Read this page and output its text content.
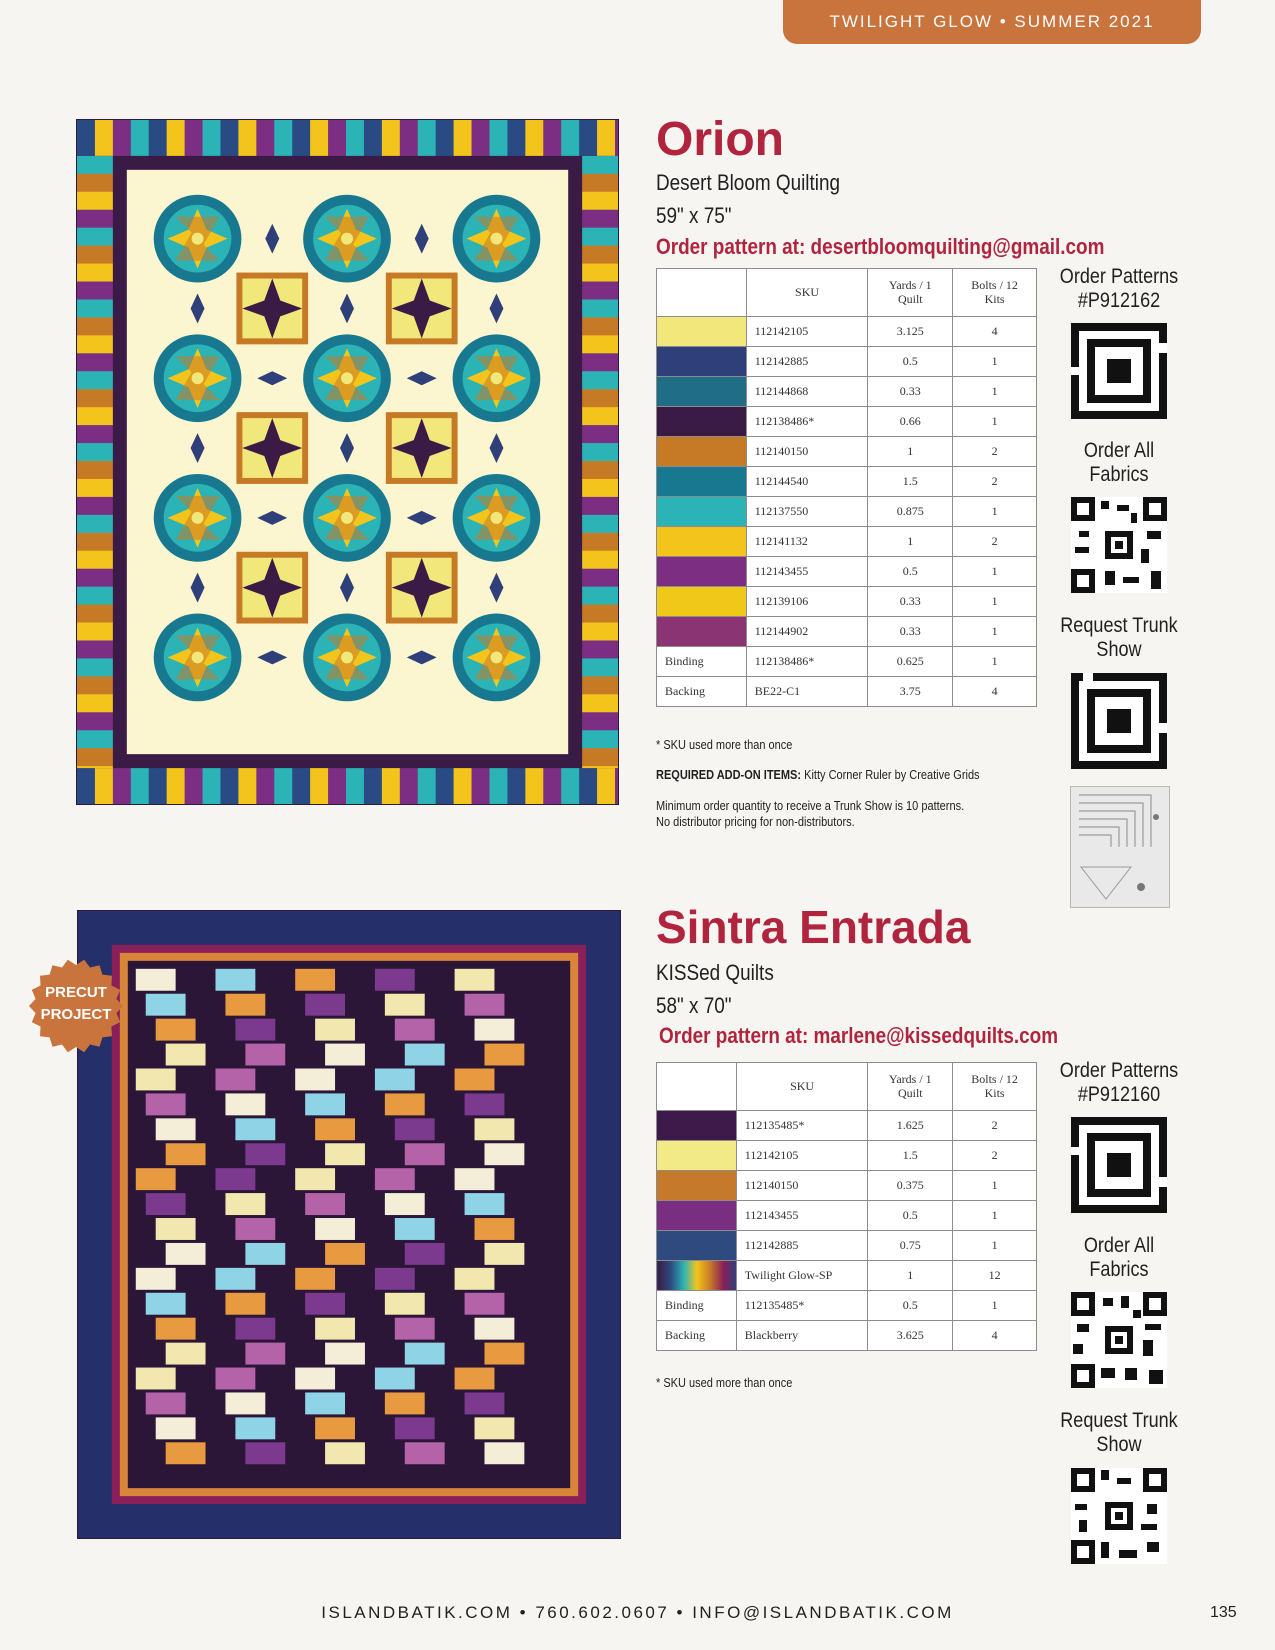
TWILIGHT GLOW • SUMMER 2021
Orion
Desert Bloom Quilting
59" x 75"
Order pattern at: desertbloomquilting@gmail.com
	SKU	Yards / 1 Quilt	Bolts / 12 Kits
	112142105	3.125	4
	112142885	0.5	1
	112144868	0.33	1
	112138486*	0.66	1
	112140150	1	2
	112144540	1.5	2
	112137550	0.875	1
	112141132	1	2
	112143455	0.5	1
	112139106	0.33	1
	112144902	0.33	1
Binding	112138486*	0.625	1
Backing	BE22-C1	3.75	4
* SKU used more than once
REQUIRED ADD-ON ITEMS: Kitty Corner Ruler by Creative Grids
Minimum order quantity to receive a Trunk Show is 10 patterns.
No distributor pricing for non-distributors.
Order Patterns
#P912162
Order All
Fabrics
Request Trunk
Show
PRECUT
PROJECT
Sintra Entrada
KISSed Quilts
58" x 70"
Order pattern at: marlene@kissedquilts.com
	SKU	Yards / 1 Quilt	Bolts / 12 Kits
	112135485*	1.625	2
	112142105	1.5	2
	112140150	0.375	1
	112143455	0.5	1
	112142885	0.75	1
	Twilight Glow-SP	1	12
Binding	112135485*	0.5	1
Backing	Blackberry	3.625	4
* SKU used more than once
Order Patterns
#P912160
Order All
Fabrics
Request Trunk
Show
ISLANDBATIK.COM • 760.602.0607 • INFO@ISLANDBATIK.COM	135
